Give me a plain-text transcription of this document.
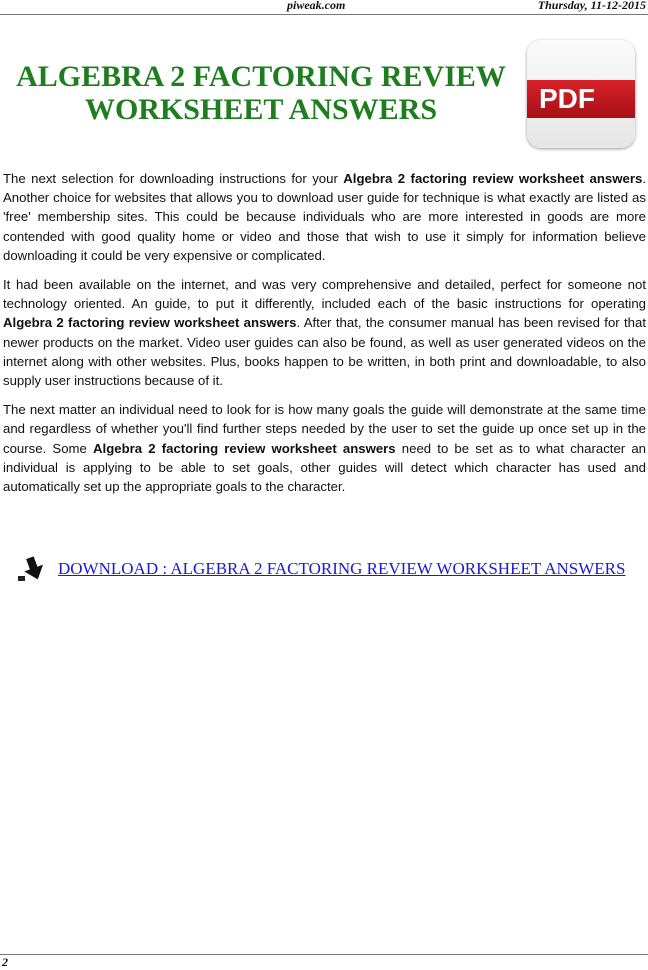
piweak.com	Thursday, 11-12-2015
ALGEBRA 2 FACTORING REVIEW
WORKSHEET ANSWERS	PDF

The next selection for downloading instructions for your Algebra 2 factoring review worksheet answers. Another choice for websites that allows you to download user guide for technique is what exactly are listed as 'free' membership sites. This could be because individuals who are more interested in goods are more contended with good quality home or video and those that wish to use it simply for information believe downloading it could be very expensive or complicated.

It had been available on the internet, and was very comprehensive and detailed, perfect for someone not technology oriented. An guide, to put it differently, included each of the basic instructions for operating Algebra 2 factoring review worksheet answers. After that, the consumer manual has been revised for that newer products on the market. Video user guides can also be found, as well as user generated videos on the internet along with other websites. Plus, books happen to be written, in both print and downloadable, to also supply user instructions because of it.

The next matter an individual need to look for is how many goals the guide will demonstrate at the same time and regardless of whether you'll find further steps needed by the user to set the guide up once set up in the course. Some Algebra 2 factoring review worksheet answers need to be set as to what character an individual is applying to be able to set goals, other guides will detect which character has used and automatically set up the appropriate goals to the character.

DOWNLOAD : ALGEBRA 2 FACTORING REVIEW WORKSHEET ANSWERS
2
